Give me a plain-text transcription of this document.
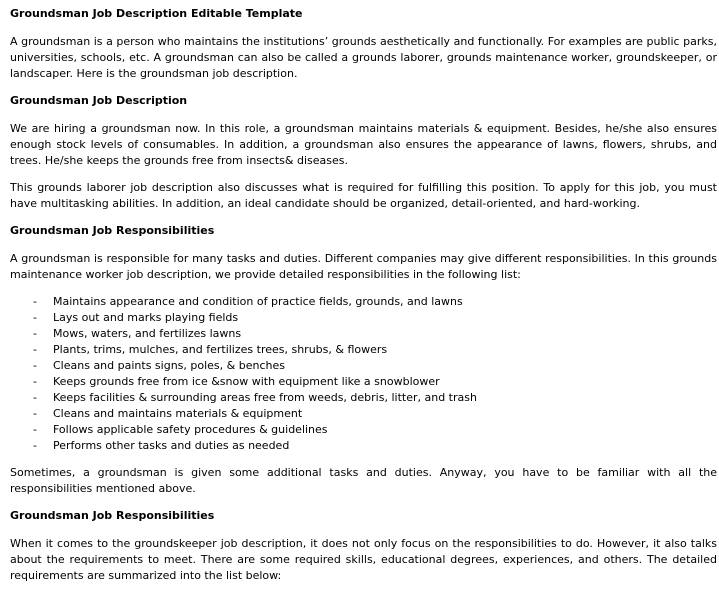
Groundsman Job Description Editable Template

A groundsman is a person who maintains the institutions’ grounds aesthetically and functionally. For examples are public parks, universities, schools, etc. A groundsman can also be called a grounds laborer, grounds maintenance worker, groundskeeper, or landscaper. Here is the groundsman job description.

Groundsman Job Description

We are hiring a groundsman now. In this role, a groundsman maintains materials & equipment. Besides, he/she also ensures enough stock levels of consumables. In addition, a groundsman also ensures the appearance of lawns, flowers, shrubs, and trees. He/she keeps the grounds free from insects& diseases.

This grounds laborer job description also discusses what is required for fulfilling this position. To apply for this job, you must have multitasking abilities. In addition, an ideal candidate should be organized, detail-oriented, and hard-working.

Groundsman Job Responsibilities

A groundsman is responsible for many tasks and duties. Different companies may give different responsibilities. In this grounds maintenance worker job description, we provide detailed responsibilities in the following list:

- Maintains appearance and condition of practice fields, grounds, and lawns
- Lays out and marks playing fields
- Mows, waters, and fertilizes lawns
- Plants, trims, mulches, and fertilizes trees, shrubs, & flowers
- Cleans and paints signs, poles, & benches
- Keeps grounds free from ice &snow with equipment like a snowblower
- Keeps facilities & surrounding areas free from weeds, debris, litter, and trash
- Cleans and maintains materials & equipment
- Follows applicable safety procedures & guidelines
- Performs other tasks and duties as needed

Sometimes, a groundsman is given some additional tasks and duties. Anyway, you have to be familiar with all the responsibilities mentioned above.

Groundsman Job Responsibilities

When it comes to the groundskeeper job description, it does not only focus on the responsibilities to do. However, it also talks about the requirements to meet. There are some required skills, educational degrees, experiences, and others. The detailed requirements are summarized into the list below:
